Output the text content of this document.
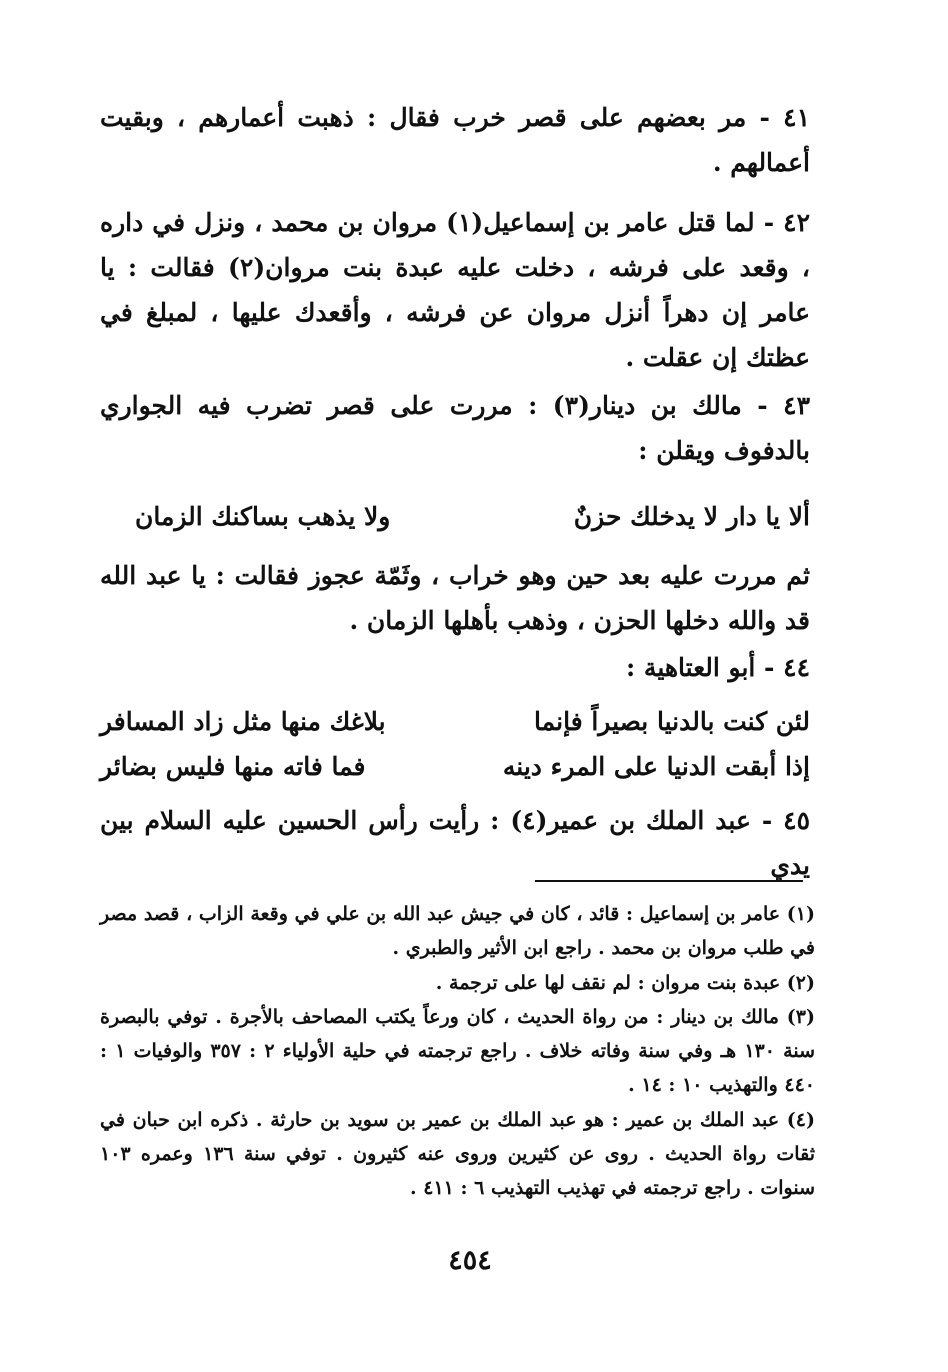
٤١ - مر بعضهم على قصر خرب فقال : ذهبت أعمارهم ، وبقيت أعمالهم .
٤٢ - لما قتل عامر بن إسماعيل(١) مروان بن محمد ، ونزل في داره ، وقعد على فرشه ، دخلت عليه عبدة بنت مروان(٢) فقالت : يا عامر إن دهراً أنزل مروان عن فرشه ، وأقعدك عليها ، لمبلغ في عظتك إن عقلت .
٤٣ - مالك بن دينار(٣) : مررت على قصر تضرب فيه الجواري بالدفوف ويقلن :
ألا يا دار لا يدخلك حزنٌ
ولا يذهب بساكنك الزمان
ثم مررت عليه بعد حين وهو خراب ، وثَمّة عجوز فقالت : يا عبد الله قد والله دخلها الحزن ، وذهب بأهلها الزمان .
٤٤ - أبو العتاهية :
لئن كنت بالدنيا بصيراً فإنما
بلاغك منها مثل زاد المسافر
إذا أبقت الدنيا على المرء دينه
فما فاته منها فليس بضائر
٤٥ - عبد الملك بن عمير(٤) : رأيت رأس الحسين عليه السلام بين يدي
(١) عامر بن إسماعيل : قائد ، كان في جيش عبد الله بن علي في وقعة الزاب ، قصد مصر في طلب مروان بن محمد . راجع ابن الأثير والطبري .
(٢) عبدة بنت مروان : لم نقف لها على ترجمة .
(٣) مالك بن دينار : من رواة الحديث ، كان ورعاً يكتب المصاحف بالأجرة . توفي بالبصرة سنة ١٣٠ هـ وفي سنة وفاته خلاف . راجع ترجمته في حلية الأولياء ٢ : ٣٥٧ والوفيات ١ : ٤٤٠ والتهذيب ١٠ : ١٤ .
(٤) عبد الملك بن عمير : هو عبد الملك بن عمير بن سويد بن حارثة . ذكره ابن حبان في ثقات رواة الحديث . روى عن كثيرين وروى عنه كثيرون . توفي سنة ١٣٦ وعمره ١٠٣ سنوات . راجع ترجمته في تهذيب التهذيب ٦ : ٤١١ .
٤٥٤
